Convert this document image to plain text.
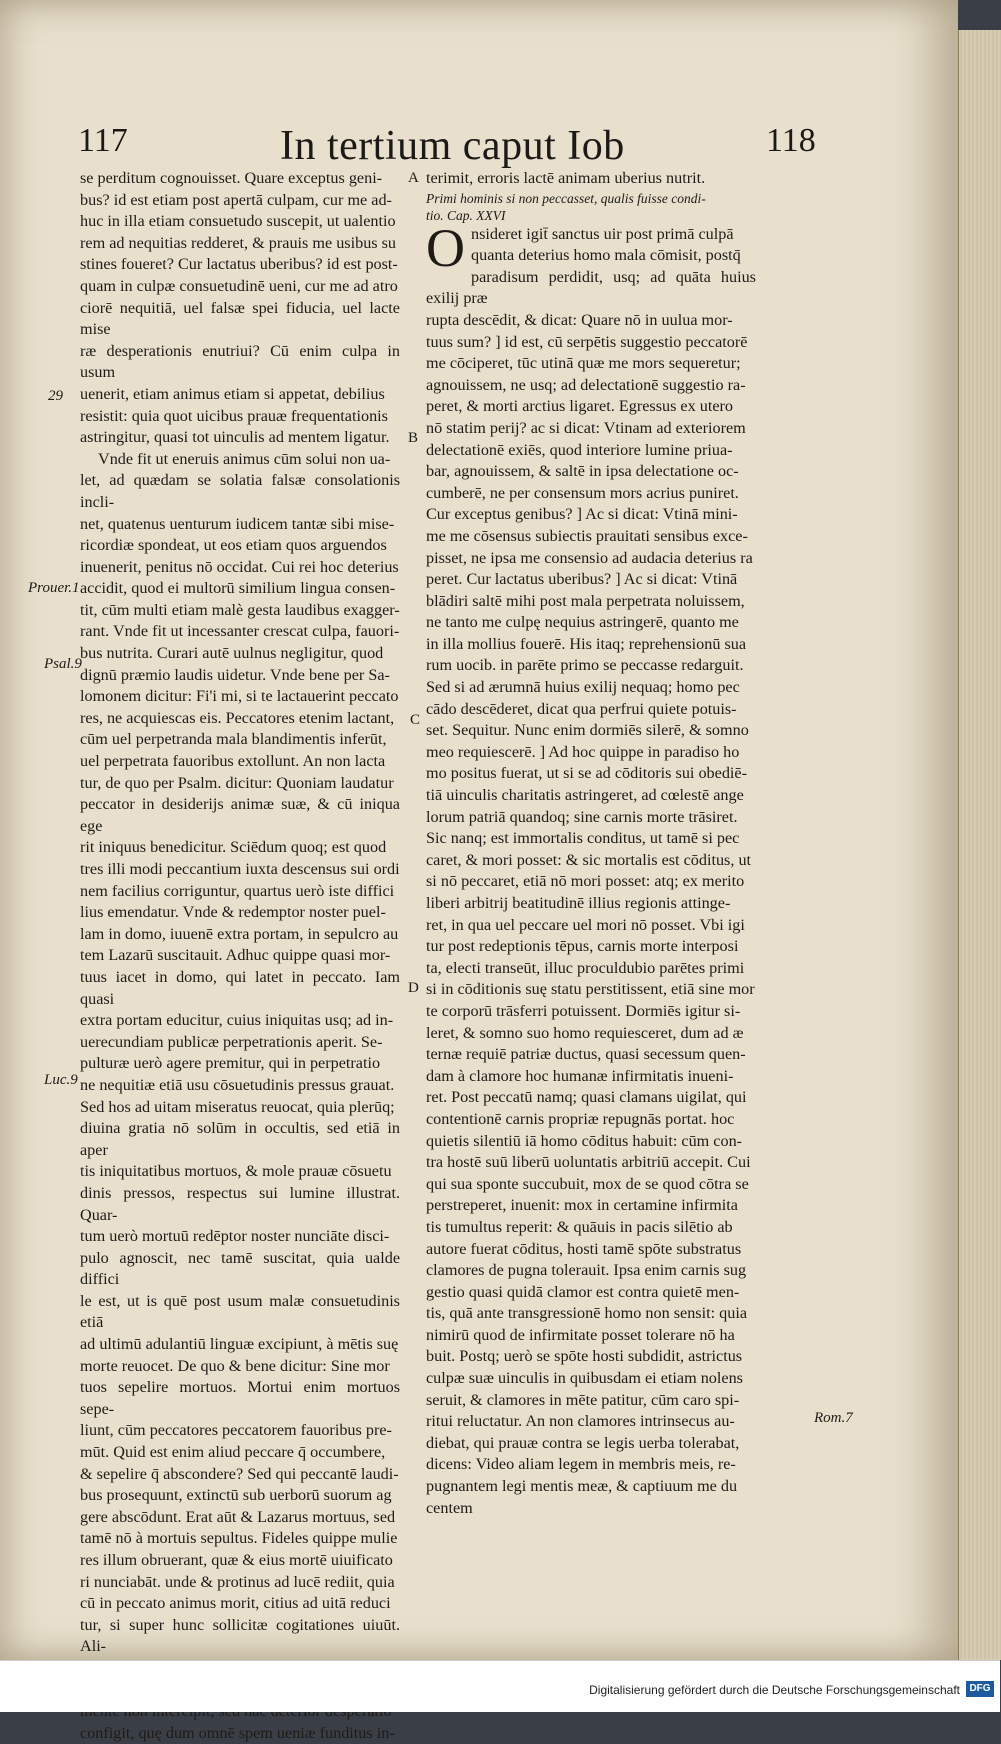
117	In tertium caput Iob	118

se perditum cognouisset. Quare exceptus geni-
bus? id est etiam post apertā culpam, cur me ad-
huc in illa etiam consuetudo suscepit, ut ualentio
rem ad nequitias redderet, & prauis me usibus su
stines foueret? Cur lactatus uberibus? id est post-
quam in culpæ consuetudinē ueni, cur me ad atro
ciorē nequitiā, uel falsæ spei fiducia, uel lacte mise
ræ desperationis enutriui? Cū enim culpa in usum
uenerit, etiam animus etiam si appetat, debilius
resistit: quia quot uicibus prauæ frequentationis
astringitur, quasi tot uinculis ad mentem ligatur.

Vnde fit ut eneruis animus cūm solui non ua-
let, ad quædam se solatia falsæ consolationis incli-
net, quatenus uenturum iudicem tantæ sibi mise-
ricordiæ spondeat, ut eos etiam quos arguendos
inuenerit, penitus nō occidat. Cui rei hoc deterius
accidit, quod ei multorū similium lingua consen-
tit, cūm multi etiam malè gesta laudibus exagger-
rant. Vnde fit ut incessanter crescat culpa, fauori-
bus nutrita. Curari autē uulnus negligitur, quod
dignū præmio laudis uidetur. Vnde bene per Sa-
lomonem dicitur: Fi'i mi, si te lactauerint peccato
res, ne acquiescas eis. Peccatores etenim lactant,
cūm uel perpetranda mala blandimentis inferūt,
uel perpetrata fauoribus extollunt. An non lacta
tur, de quo per Psalm. dicitur: Quoniam laudatur
peccator in desiderijs animæ suæ, & cū iniqua ege
rit iniquus benedicitur. Sciēdum quoq; est quod
tres illi modi peccantium iuxta descensus sui ordi
nem facilius corriguntur, quartus uerò iste diffici
lius emendatur. Vnde & redemptor noster puel-
lam in domo, iuuenē extra portam, in sepulcro au
tem Lazarū suscitauit. Adhuc quippe quasi mor-
tuus iacet in domo, qui latet in peccato. Iam quasi
extra portam educitur, cuius iniquitas usq; ad in-
uerecundiam publicæ perpetrationis aperit. Se-
pulturæ uerò agere premitur, qui in perpetratio
ne nequitiæ etiā usu cōsuetudinis pressus grauat.
Sed hos ad uitam miseratus reuocat, quia plerūq;
diuina gratia nō solūm in occultis, sed etiā in aper
tis iniquitatibus mortuos, & mole prauæ cōsuetu
dinis pressos, respectus sui lumine illustrat. Quar-
tum uerò mortuū redēptor noster nunciāte disci-
pulo agnoscit, nec tamē suscitat, quia ualde diffici
le est, ut is quē post usum malæ consuetudinis etiā
ad ultimū adulantiū linguæ excipiunt, à mētis suę
morte reuocet. De quo & bene dicitur: Sine mor
tuos sepelire mortuos. Mortui enim mortuos sepe-
liunt, cūm peccatores peccatorem fauoribus pre-
mūt. Quid est enim aliud peccare q̄ occumbere,
& sepelire q̄ abscondere? Sed qui peccantē laudi-
bus prosequunt, extinctū sub uerborū suorum ag
gere abscōdunt. Erat aūt & Lazarus mortuus, sed
tamē nō à mortuis sepultus. Fideles quippe mulie
res illum obruerant, quæ & eius mortē uiuificato
ri nunciabāt. unde & protinus ad lucē rediit, quia
cū in peccato animus morit, citius ad uitā reduci
tur, si super hunc sollicitæ cogitationes uiuūt. Ali-

configit, quę dum omnē spem ueniæ funditus in-

terimit, erroris lactē animam uberius nutrit.

Primi hominis si non peccasset, qualis fuisse condi-
tio. Cap. XXVI

Onsideret igit̄ sanctus uir post primā culpā
quanta deterius homo mala cōmisit, postq̄
paradisum perdidit, usq; ad quāta huius exilij præ
rupta descēdit, & dicat: Quare nō in uulua mor-
tuus sum? ] id est, cū serpētis suggestio peccatorē
me cōciperet, tūc utinā quæ me mors sequeretur;
agnouissem, ne usq; ad delectationē suggestio ra-
peret, & morti arctius ligaret. Egressus ex utero
nō statim perij? ac si dicat: Vtinam ad exteriorem
delectationē exiēs, quod interiore lumine priua-
bar, agnouissem, & saltē in ipsa delectatione oc-
cumberē, ne per consensum mors acrius puniret.
Cur exceptus genibus? ] Ac si dicat: Vtinā mini-
me me cōsensus subiectis prauitati sensibus exce-
pisset, ne ipsa me consensio ad audacia deterius ra
peret. Cur lactatus uberibus? ] Ac si dicat: Vtinā
blādiri saltē mihi post mala perpetrata noluissem,
ne tanto me culpę nequius astringerē, quanto me
in illa mollius fouerē. His itaq; reprehensionū sua
rum uocib. in parēte primo se peccasse redarguit.
Sed si ad ærumnā huius exilij nequaq; homo pec
cādo descēderet, dicat qua perfrui quiete potuis-
set. Sequitur. Nunc enim dormiēs silerē, & somno
meo requiescerē. ] Ad hoc quippe in paradiso ho
mo positus fuerat, ut si se ad cōditoris sui obediē-
tiā uinculis charitatis astringeret, ad cœlestē ange
lorum patriā quandoq; sine carnis morte trāsiret.
Sic nanq; est immortalis conditus, ut tamē si pec
caret, & mori posset: & sic mortalis est cōditus, ut
si nō peccaret, etiā nō mori posset: atq; ex merito
liberi arbitrij beatitudinē illius regionis attinge-
ret, in qua uel peccare uel mori nō posset. Vbi igi
tur post redeptionis tēpus, carnis morte interposi
ta, electi transeūt, illuc proculdubio parētes primi
si in cōditionis suę statu perstitissent, etiā sine mor
te corporū trāsferri potuissent. Dormiēs igitur si-
leret, & somno suo homo requiesceret, dum ad æ
ternæ requiē patriæ ductus, quasi secessum quen-
dam à clamore hoc humanæ infirmitatis inueni-
ret. Post peccatū namq; quasi clamans uigilat, qui
contentionē carnis propriæ repugnās portat. hoc
quietis silentiū iā homo cōditus habuit: cūm con-
tra hostē suū liberū uoluntatis arbitriū accepit. Cui
qui sua sponte succubuit, mox de se quod cōtra se
perstreperet, inuenit: mox in certamine infirmita
tis tumultus reperit: & quāuis in pacis silētio ab
autore fuerat cōditus, hosti tamē spōte substratus
clamores de pugna tolerauit. Ipsa enim carnis sug
gestio quasi quidā clamor est contra quietē men-
tis, quā ante transgressionē homo non sensit: quia
nimirū quod de infirmitate posset tolerare nō ha
buit. Postq; uerò se spōte hosti subdidit, astrictus
culpæ suæ uinculis in quibusdam ei etiam nolens
seruit, & clamores in mēte patitur, cūm caro spi-
ritui reluctatur. An non clamores intrinsecus au-
diebat, qui prauæ contra se legis uerba tolerabat,
dicens: Video aliam legem in membris meis, re-
pugnantem legi mentis meæ, & captiuum me du
centem

29
Prouer.1
Psal.9
Luc.9
Rom.7
A
B
C
D
Digitalisierung gefördert durch die Deutsche Forschungsgemeinschaft DFG
